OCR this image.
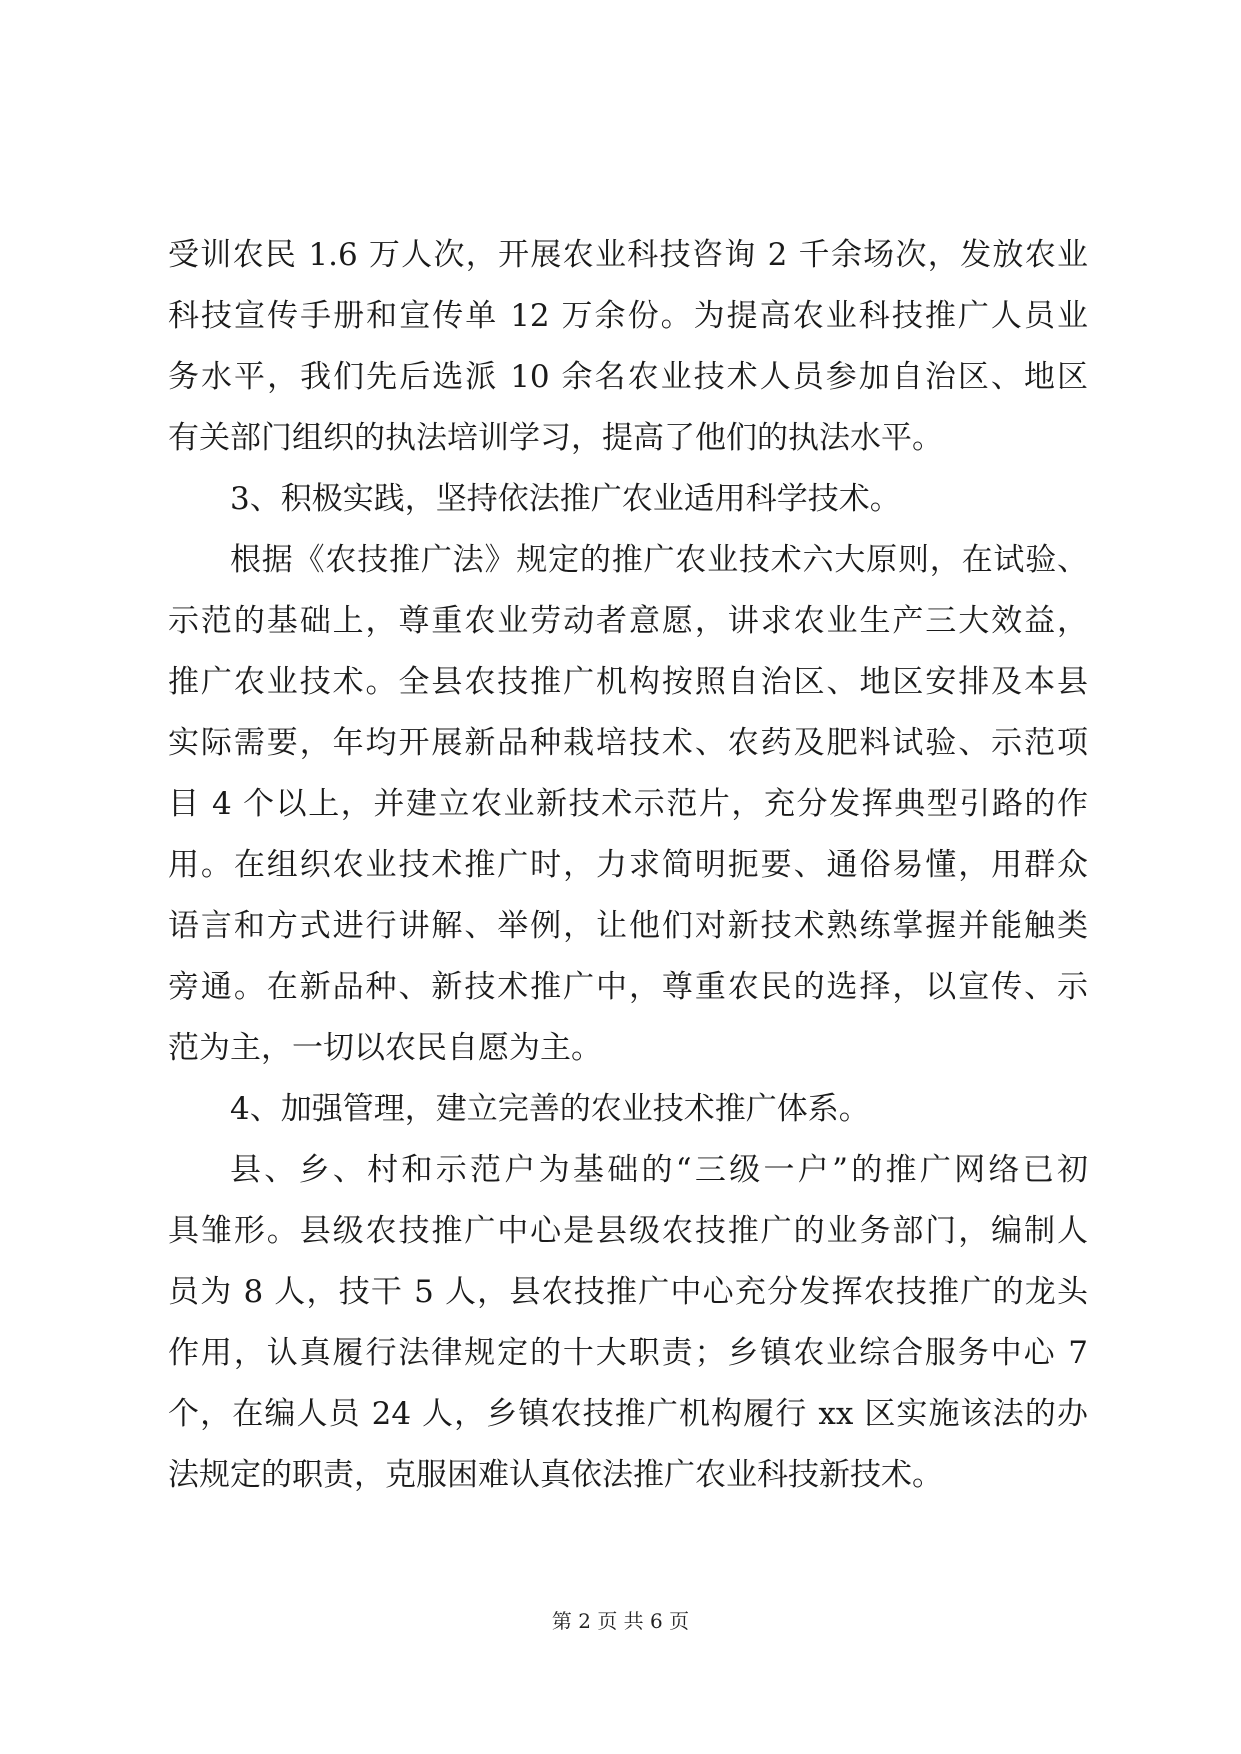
受训农民 1.6 万人次，开展农业科技咨询 2 千余场次，发放农业
科技宣传手册和宣传单 12 万余份。为提高农业科技推广人员业
务水平，我们先后选派 10 余名农业技术人员参加自治区、地区
有关部门组织的执法培训学习，提高了他们的执法水平。
3、积极实践，坚持依法推广农业适用科学技术。
根据《农技推广法》规定的推广农业技术六大原则，在试验、
示范的基础上，尊重农业劳动者意愿，讲求农业生产三大效益，
推广农业技术。全县农技推广机构按照自治区、地区安排及本县
实际需要，年均开展新品种栽培技术、农药及肥料试验、示范项
目 4 个以上，并建立农业新技术示范片，充分发挥典型引路的作
用。在组织农业技术推广时，力求简明扼要、通俗易懂，用群众
语言和方式进行讲解、举例，让他们对新技术熟练掌握并能触类
旁通。在新品种、新技术推广中，尊重农民的选择，以宣传、示
范为主，一切以农民自愿为主。
4、加强管理，建立完善的农业技术推广体系。
县、乡、村和示范户为基础的“三级一户”的推广网络已初
具雏形。县级农技推广中心是县级农技推广的业务部门，编制人
员为 8 人，技干 5 人，县农技推广中心充分发挥农技推广的龙头
作用，认真履行法律规定的十大职责；乡镇农业综合服务中心 7
个，在编人员 24 人，乡镇农技推广机构履行 xx 区实施该法的办
法规定的职责，克服困难认真依法推广农业科技新技术。
第 2 页 共 6 页
